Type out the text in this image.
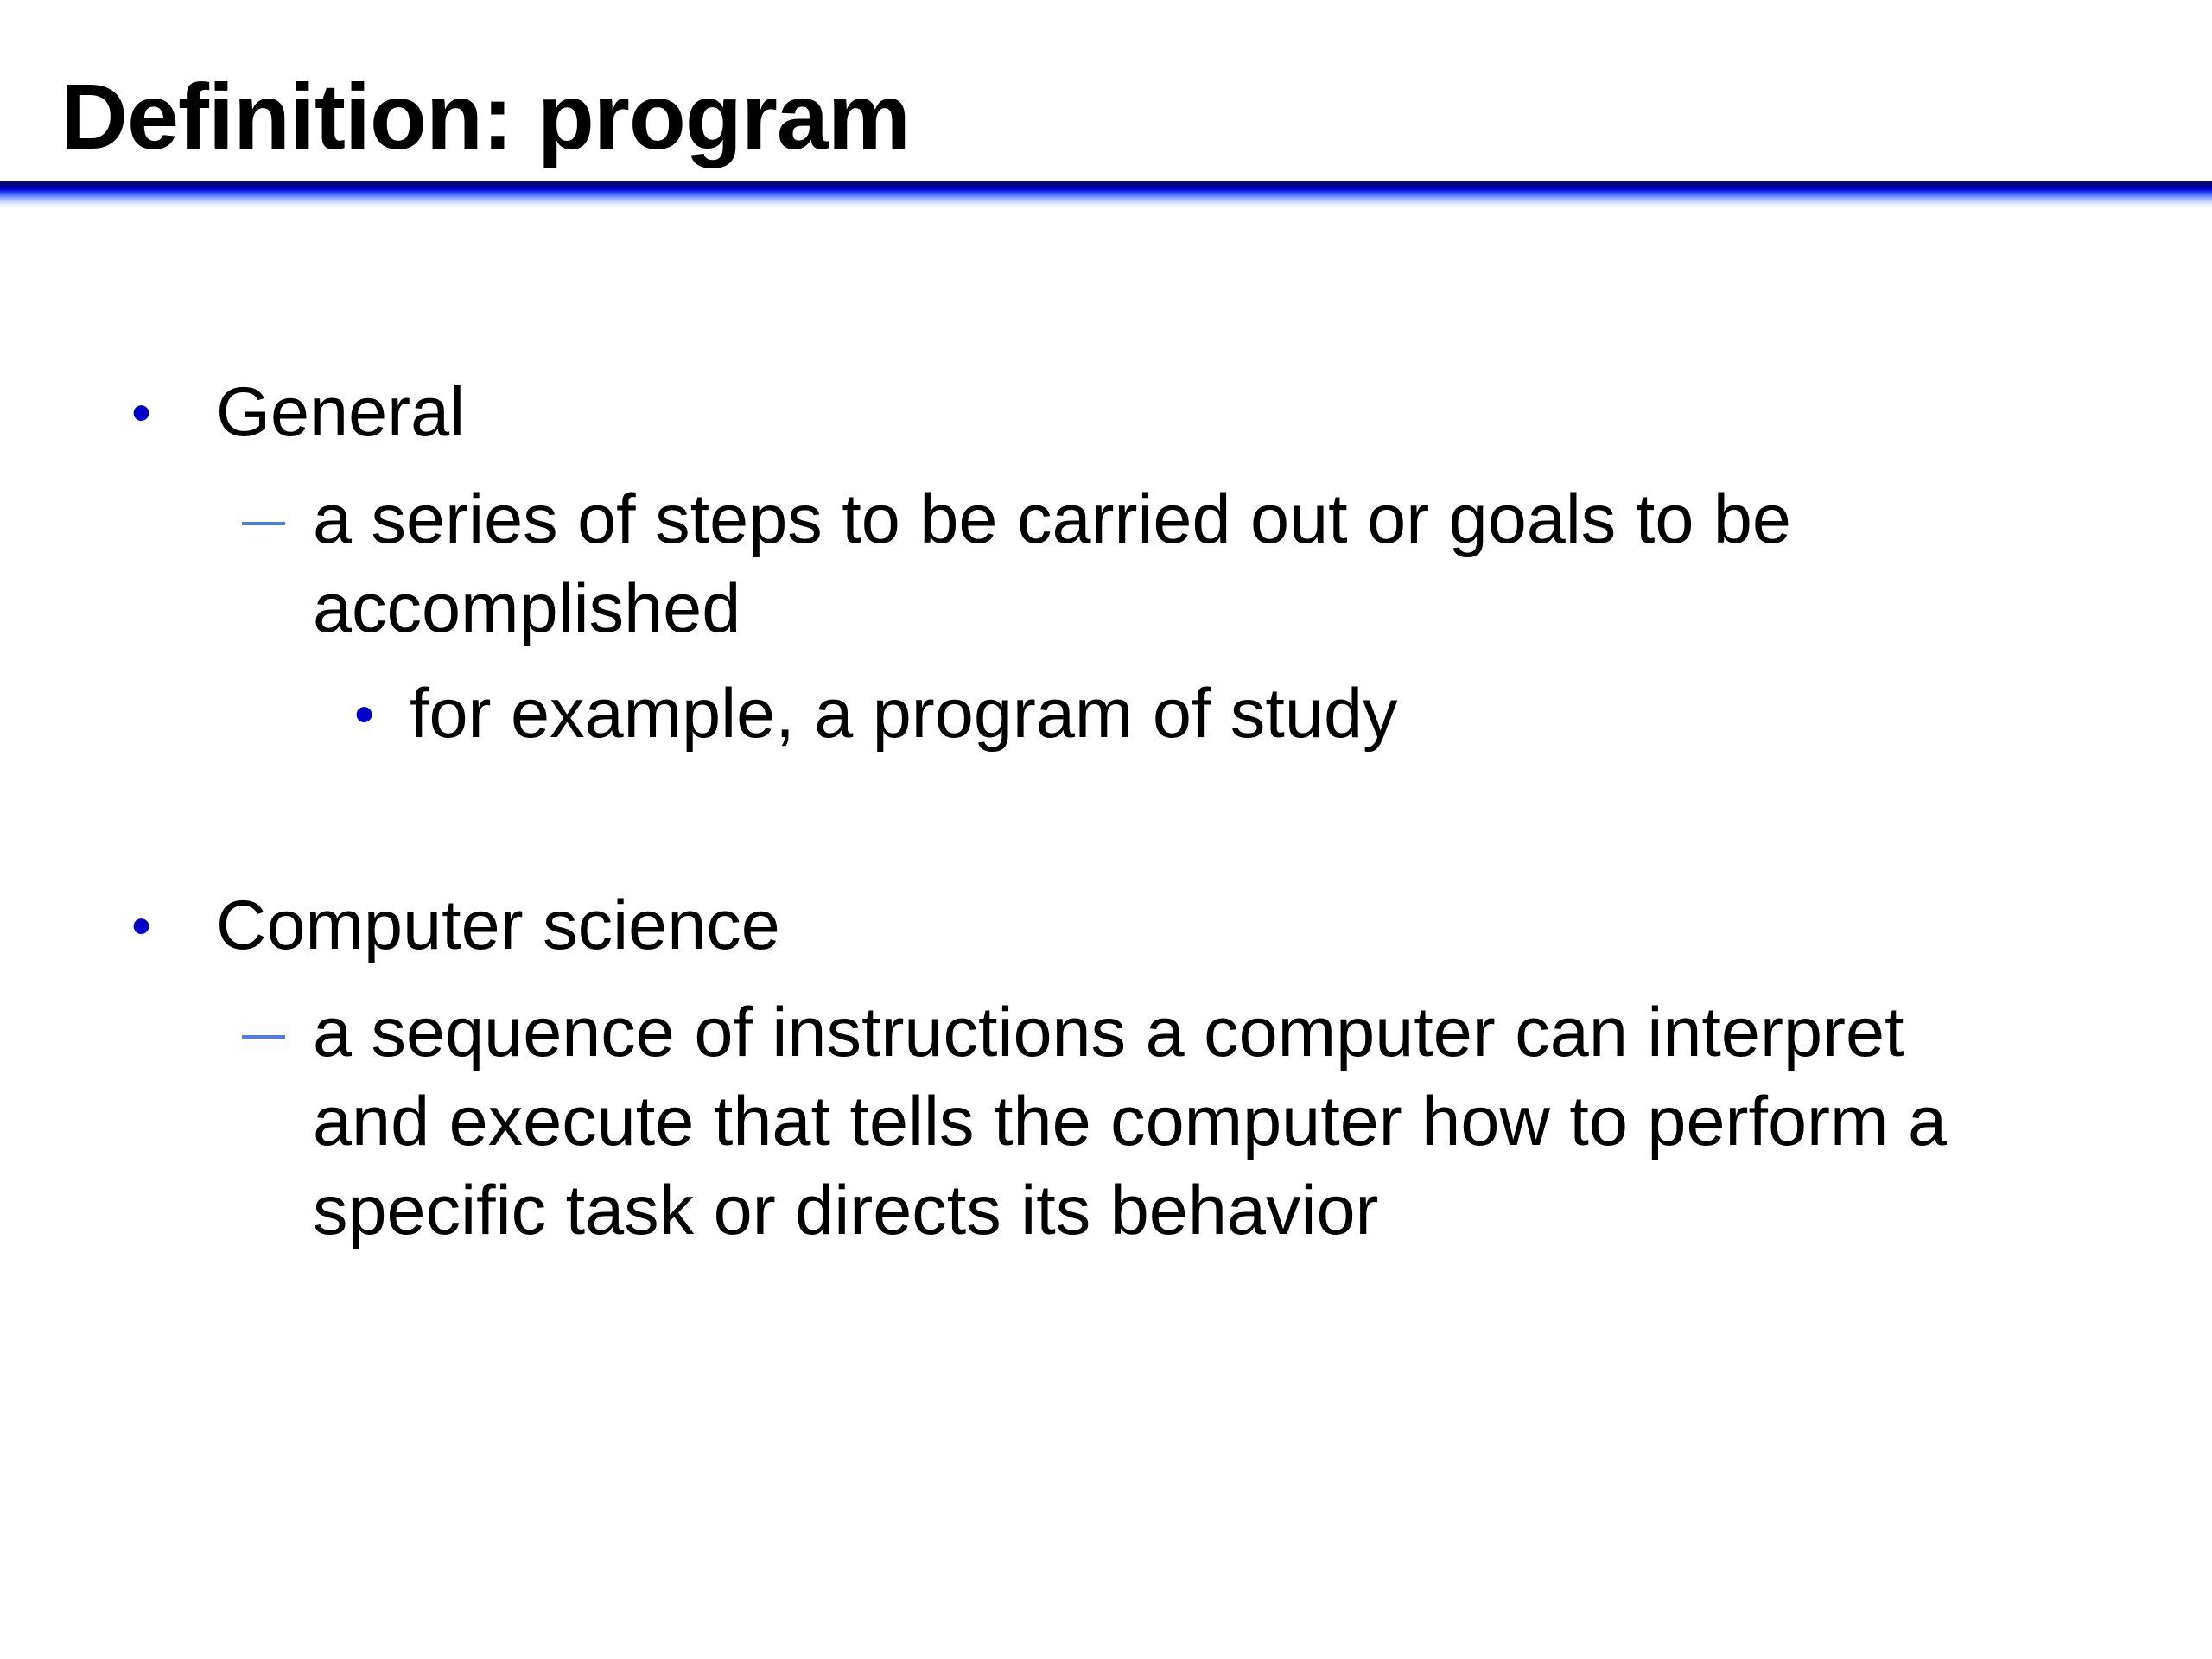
Definition: program
• General
a series of steps to be carried out or goals to be
accomplished
• for example, a program of study
• Computer science
a sequence of instructions a computer can interpret
and execute that tells the computer how to perform a
specific task or directs its behavior
